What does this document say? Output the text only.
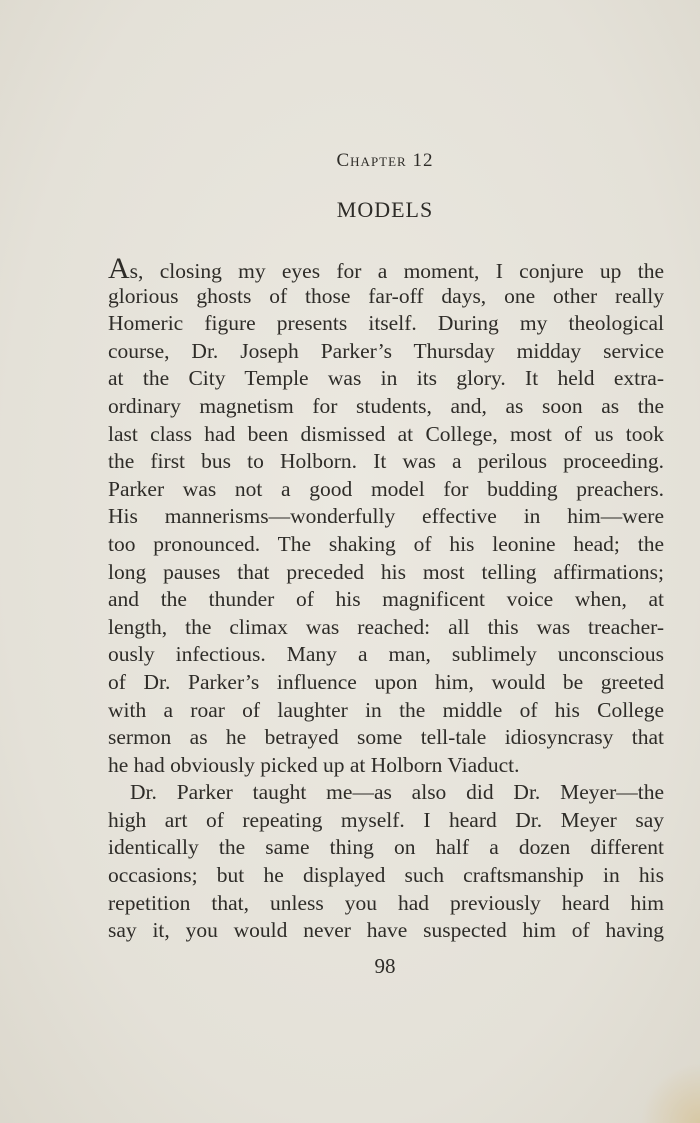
Chapter 12
MODELS
As, closing my eyes for a moment, I conjure up the
glorious ghosts of those far-off days, one other really
Homeric figure presents itself. During my theological
course, Dr. Joseph Parker’s Thursday midday service
at the City Temple was in its glory. It held extra-
ordinary magnetism for students, and, as soon as the
last class had been dismissed at College, most of us took
the first bus to Holborn. It was a perilous proceeding.
Parker was not a good model for budding preachers.
His mannerisms—wonderfully effective in him—were
too pronounced. The shaking of his leonine head; the
long pauses that preceded his most telling affirmations;
and the thunder of his magnificent voice when, at
length, the climax was reached: all this was treacher-
ously infectious. Many a man, sublimely unconscious
of Dr. Parker’s influence upon him, would be greeted
with a roar of laughter in the middle of his College
sermon as he betrayed some tell-tale idiosyncrasy that
he had obviously picked up at Holborn Viaduct.
Dr. Parker taught me—as also did Dr. Meyer—the
high art of repeating myself. I heard Dr. Meyer say
identically the same thing on half a dozen different
occasions; but he displayed such craftsmanship in his
repetition that, unless you had previously heard him
say it, you would never have suspected him of having
98
